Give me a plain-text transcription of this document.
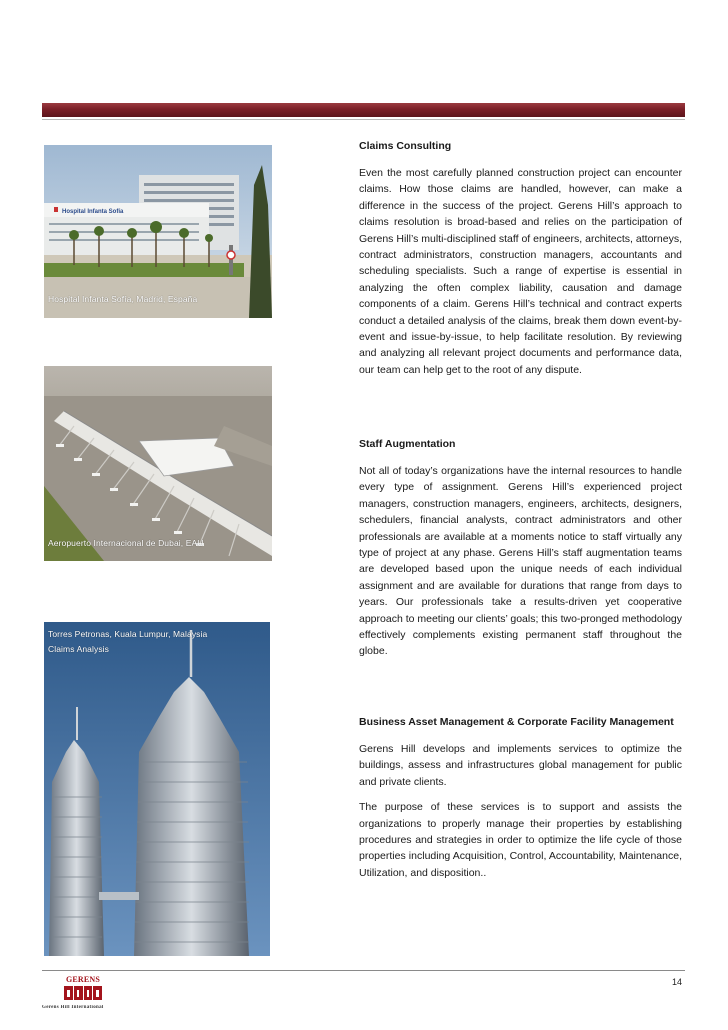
Hospital Infanta Sofía
Hospital Infanta Sofía, Madrid, España
Aeropuerto Internacional de Dubai, EAU
Torres Petronas, Kuala Lumpur, Malaysia
Claims Analysis
Claims Consulting

Even the most carefully planned construction project can encounter claims. How those claims are handled, however, can make a difference in the success of the project. Gerens Hill’s approach to claims resolution is broad-based and relies on the participation of Gerens Hill’s multi-disciplined staff of engineers, architects, attorneys, contract administrators, construction managers, accountants and scheduling specialists. Such a range of expertise is essential in analyzing the often complex liability, causation and damage components of a claim. Gerens Hill’s technical and contract experts conduct a detailed analysis of the claims, break them down event-by-event and issue-by-issue, to help facilitate resolution. By reviewing and analyzing all relevant project documents and performance data, our team can help get to the root of any dispute.

Staff Augmentation

Not all of today’s organizations have the internal resources to handle every type of assignment. Gerens Hill’s experienced project managers, construction managers, engineers, architects, designers, schedulers, financial analysts, contract administrators and other professionals are available at a moments notice to staff virtually any type of project at any phase. Gerens Hill’s staff augmentation teams are developed based upon the unique needs of each individual assignment and are available for durations that range from days to years. Our professionals take a results-driven yet cooperative approach to meeting our clients’ goals; this two-pronged methodology effectively complements existing permanent staff throughout the globe.

Business Asset Management & Corporate Facility Management

Gerens Hill develops and implements services to optimize the buildings, assess and infrastructures global management for public and private clients.

The purpose of these services is to support and assists the organizations to properly manage their properties by establishing procedures and strategies in order to optimize the life cycle of those properties including Acquisition, Control, Accountability, Maintenance, Utilization, and disposition..

GERENS
Gerens Hill International
14
